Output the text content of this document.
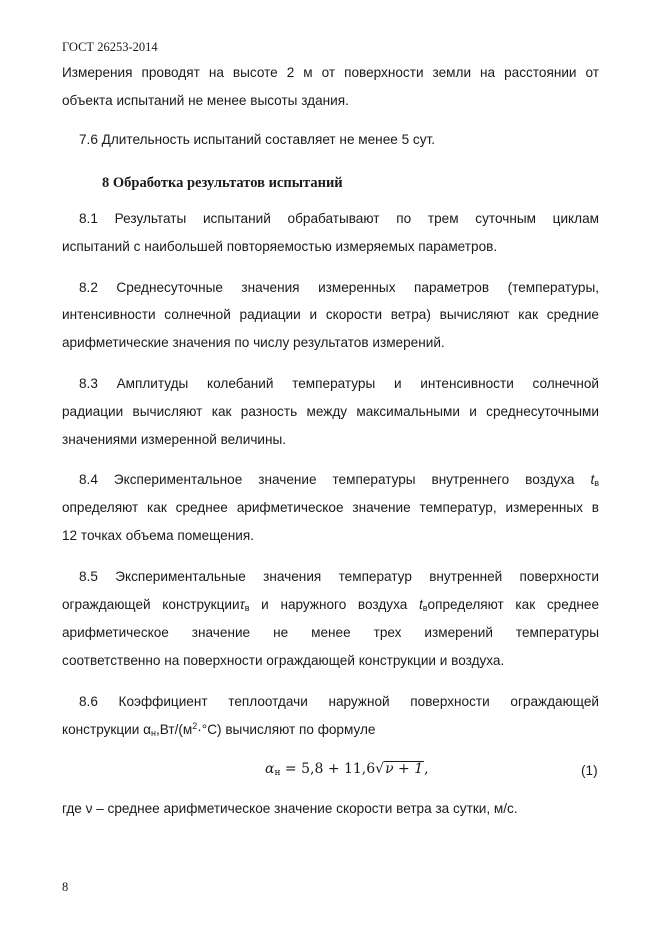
ГОСТ 26253-2014
Измерения проводят на высоте 2 м от поверхности земли на расстоянии от
объекта испытаний не менее высоты здания.
7.6 Длительность испытаний составляет не менее 5 сут.
8.1 Результаты испытаний обрабатывают по трем суточным циклам
испытаний с наибольшей повторяемостью измеряемых параметров.
8.2 Среднесуточные значения измеренных параметров (температуры,
интенсивности солнечной радиации и скорости ветра) вычисляют как средние
арифметические значения по числу результатов измерений.
8.3 Амплитуды колебаний температуры и интенсивности солнечной
радиации вычисляют как разность между максимальными и среднесуточными
значениями измеренной величины.
8.4 Экспериментальное значение температуры внутреннего воздуха $t_в$
определяют как среднее арифметическое значение температур, измеренных в
12 точках объема помещения.
8.5 Экспериментальные значения температур внутренней поверхности
ограждающей конструкцииτ$_в$ и наружного воздуха $t_вопределяют$ как среднее
арифметическое значение не менее трех измерений температуры
соответственно на поверхности ограждающей конструкции и воздуха.
8.6 Коэффициент теплоотдачи наружной поверхности ограждающей
конструкции $\alpha_н,Вт/(м^2\cdot^\circ С)$ вычисляют по формуле
где ν – среднее арифметическое значение скорости ветра за сутки, м/с.
8 Обработка результатов испытаний
$\alpha_н = 5,8 + 11,6√\nu + 1$,	(1)
8
